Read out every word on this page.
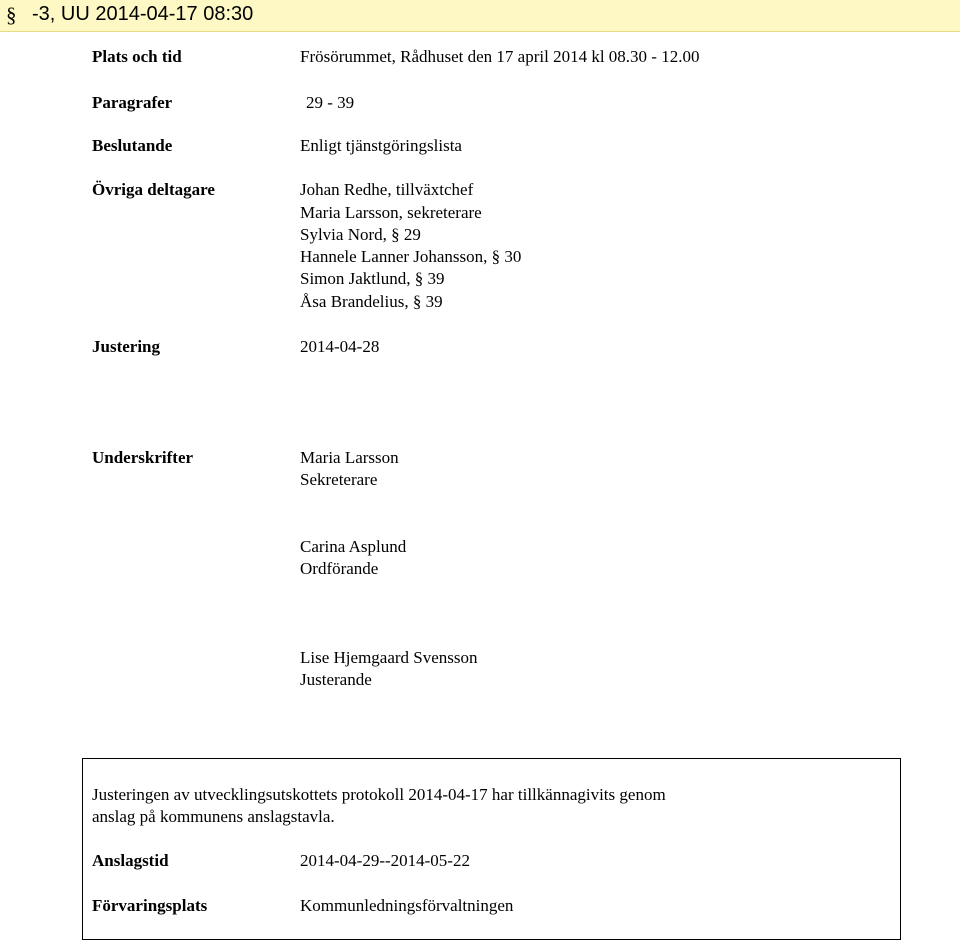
§ -3, UU 2014-04-17 08:30
Plats och tid	Frösörummet, Rådhuset den 17 april 2014 kl 08.30 - 12.00
Paragrafer	29 - 39
Beslutande	Enligt tjänstgöringslista
Övriga deltagare	Johan Redhe, tillväxtchef
Maria Larsson, sekreterare
Sylvia Nord, § 29
Hannele Lanner Johansson, § 30
Simon Jaktlund, § 39
Åsa Brandelius, § 39
Justering	2014-04-28
Underskrifter	Maria Larsson
Sekreterare
Carina Asplund
Ordförande
Lise Hjemgaard Svensson
Justerande
Justeringen av utvecklingsutskottets protokoll 2014-04-17 har tillkännagivits genom
anslag på kommunens anslagstavla.
Anslagstid	2014-04-29--2014-05-22
Förvaringsplats	Kommunledningsförvaltningen
